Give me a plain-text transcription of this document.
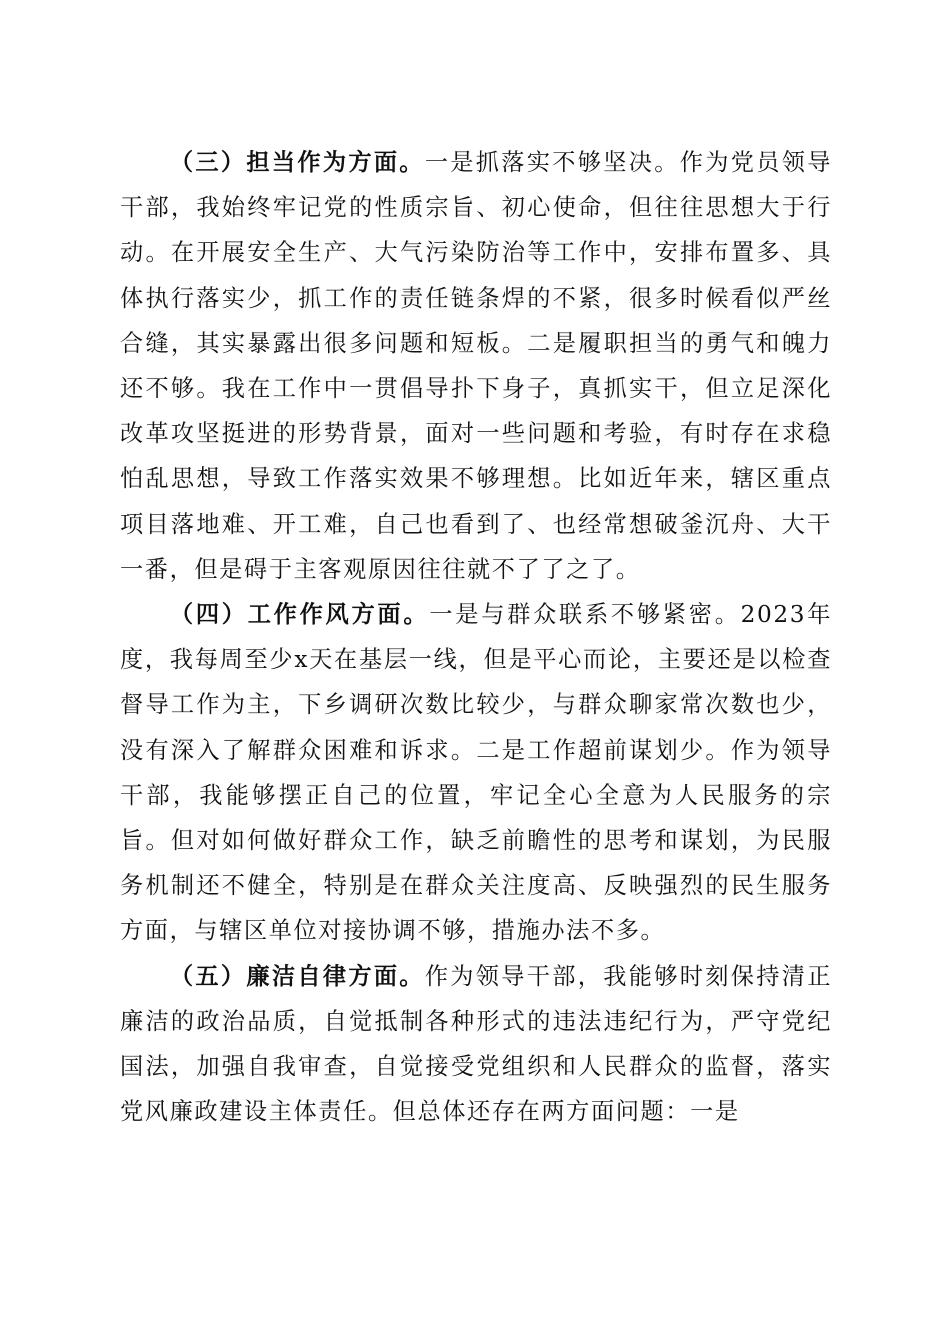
（三）担当作为方面。一是抓落实不够坚决。作为党员领导干部，我始终牢记党的性质宗旨、初心使命，但往往思想大于行动。在开展安全生产、大气污染防治等工作中，安排布置多、具体执行落实少，抓工作的责任链条焊的不紧，很多时候看似严丝合缝，其实暴露出很多问题和短板。二是履职担当的勇气和魄力还不够。我在工作中一贯倡导扑下身子，真抓实干，但立足深化改革攻坚挺进的形势背景，面对一些问题和考验，有时存在求稳怕乱思想，导致工作落实效果不够理想。比如近年来，辖区重点项目落地难、开工难，自己也看到了、也经常想破釜沉舟、大干一番，但是碍于主客观原因往往就不了了之了。

（四）工作作风方面。一是与群众联系不够紧密。2023年度，我每周至少x天在基层一线，但是平心而论，主要还是以检查督导工作为主，下乡调研次数比较少，与群众聊家常次数也少，没有深入了解群众困难和诉求。二是工作超前谋划少。作为领导干部，我能够摆正自己的位置，牢记全心全意为人民服务的宗旨。但对如何做好群众工作，缺乏前瞻性的思考和谋划，为民服务机制还不健全，特别是在群众关注度高、反映强烈的民生服务方面，与辖区单位对接协调不够，措施办法不多。

（五）廉洁自律方面。作为领导干部，我能够时刻保持清正廉洁的政治品质，自觉抵制各种形式的违法违纪行为，严守党纪国法，加强自我审查，自觉接受党组织和人民群众的监督，落实党风廉政建设主体责任。但总体还存在两方面问题：一是
